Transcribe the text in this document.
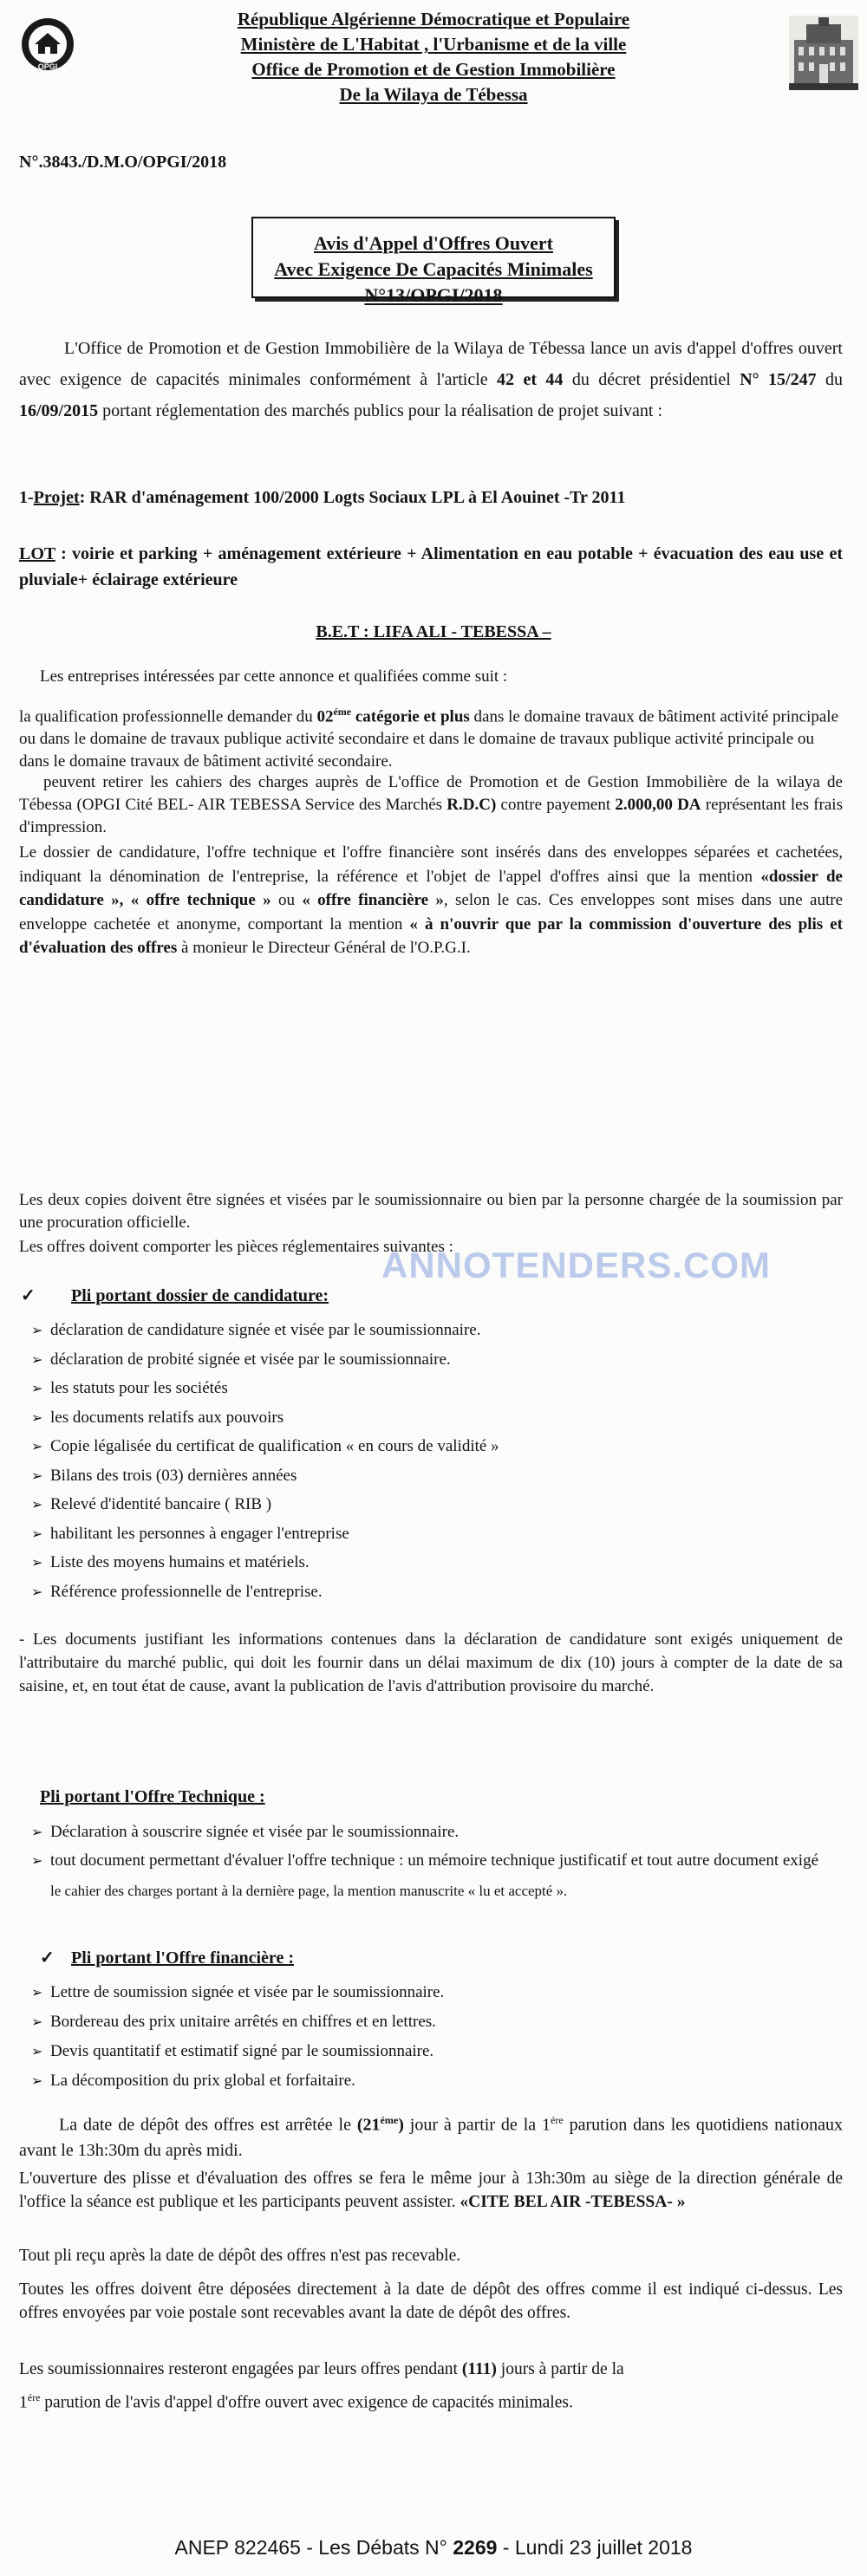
OPGI
République Algérienne Démocratique et Populaire
Ministère de L'Habitat , l'Urbanisme et de la ville
Office de Promotion et de Gestion Immobilière
De la Wilaya de Tébessa
N°.3843./D.M.O/OPGI/2018
Avis d'Appel d'Offres Ouvert
Avec Exigence De Capacités Minimales N°13/OPGI/2018
L'Office de Promotion et de Gestion Immobilière de la Wilaya de Tébessa lance un avis d'appel d'offres ouvert avec exigence de capacités minimales conformément à l'article 42 et 44 du décret présidentiel N° 15/247 du 16/09/2015 portant réglementation des marchés publics pour la réalisation de projet suivant :
1-Projet: RAR d'aménagement 100/2000 Logts Sociaux LPL à El Aouinet -Tr 2011
LOT : voirie et parking + aménagement extérieure + Alimentation en eau potable + évacuation des eau use et pluviale+ éclairage extérieure
B.E.T : LIFA ALI - TEBESSA –
Les entreprises intéressées par cette annonce et qualifiées comme suit :
la qualification professionnelle demander du $02^{éme}$ catégorie et plus dans le domaine travaux de bâtiment activité principale ou dans le domaine de travaux publique activité secondaire et dans le domaine de travaux publique activité principale ou dans le domaine travaux de bâtiment activité secondaire.
peuvent retirer les cahiers des charges auprès de L'office de Promotion et de Gestion Immobilière de la wilaya de Tébessa (OPGI Cité BEL- AIR TEBESSA Service des Marchés R.D.C) contre payement 2.000,00 DA représentant les frais d'impression.
Le dossier de candidature, l'offre technique et l'offre financière sont insérés dans des enveloppes séparées et cachetées, indiquant la dénomination de l'entreprise, la référence et l'objet de l'appel d'offres ainsi que la mention «dossier de candidature », « offre technique » ou « offre financière », selon le cas. Ces enveloppes sont mises dans une autre enveloppe cachetée et anonyme, comportant la mention « à n'ouvrir que par la commission d'ouverture des plis et d'évaluation des offres à monieur le Directeur Général de l'O.P.G.I.
Les deux copies doivent être signées et visées par le soumissionnaire ou bien par la personne chargée de la soumission par une procuration officielle.
Les offres doivent comporter les pièces réglementaires suivantes :
ANNOTENDERS.COM
✓ Pli portant dossier de candidature:
➢ déclaration de candidature signée et visée par le soumissionnaire.
➢ déclaration de probité signée et visée par le soumissionnaire.
➢ les statuts pour les sociétés
➢ les documents relatifs aux pouvoirs
➢ Copie légalisée du certificat de qualification « en cours de validité »
➢ Bilans des trois (03) dernières années
➢ Relevé d'identité bancaire ( RIB )
➢ habilitant les personnes à engager l'entreprise
➢ Liste des moyens humains et matériels.
➢ Référence professionnelle de l'entreprise.
- Les documents justifiant les informations contenues dans la déclaration de candidature sont exigés uniquement de l'attributaire du marché public, qui doit les fournir dans un délai maximum de dix (10) jours à compter de la date de sa saisine, et, en tout état de cause, avant la publication de l'avis d'attribution provisoire du marché.
Pli portant l'Offre Technique :
➢ Déclaration à souscrire signée et visée par le soumissionnaire.
➢ tout document permettant d'évaluer l'offre technique : un mémoire technique justificatif et tout autre document exigé
le cahier des charges portant à la dernière page, la mention manuscrite « lu et accepté ».
✓ Pli portant l'Offre financière :
➢ Lettre de soumission signée et visée par le soumissionnaire.
➢ Bordereau des prix unitaire arrêtés en chiffres et en lettres.
➢ Devis quantitatif et estimatif signé par le soumissionnaire.
➢ La décomposition du prix global et forfaitaire.
La date de dépôt des offres est arrêtée le $(21^{éme})$ jour à partir de la $1^{ére}$ parution dans les quotidiens nationaux avant le 13h:30m du après midi.
L'ouverture des plisse et d'évaluation des offres se fera le même jour à 13h:30m au siège de la direction générale de l'office la séance est publique et les participants peuvent assister. «CITE BEL AIR -TEBESSA- »
Tout pli reçu après la date de dépôt des offres n'est pas recevable.
Toutes les offres doivent être déposées directement à la date de dépôt des offres comme il est indiqué ci-dessus. Les offres envoyées par voie postale sont recevables avant la date de dépôt des offres.
Les soumissionnaires resteront engagées par leurs offres pendant (111) jours à partir de la
$1^{ére}$ parution de l'avis d'appel d'offre ouvert avec exigence de capacités minimales.
ANEP 822465 - Les Débats N° 2269 - Lundi 23 juillet 2018
